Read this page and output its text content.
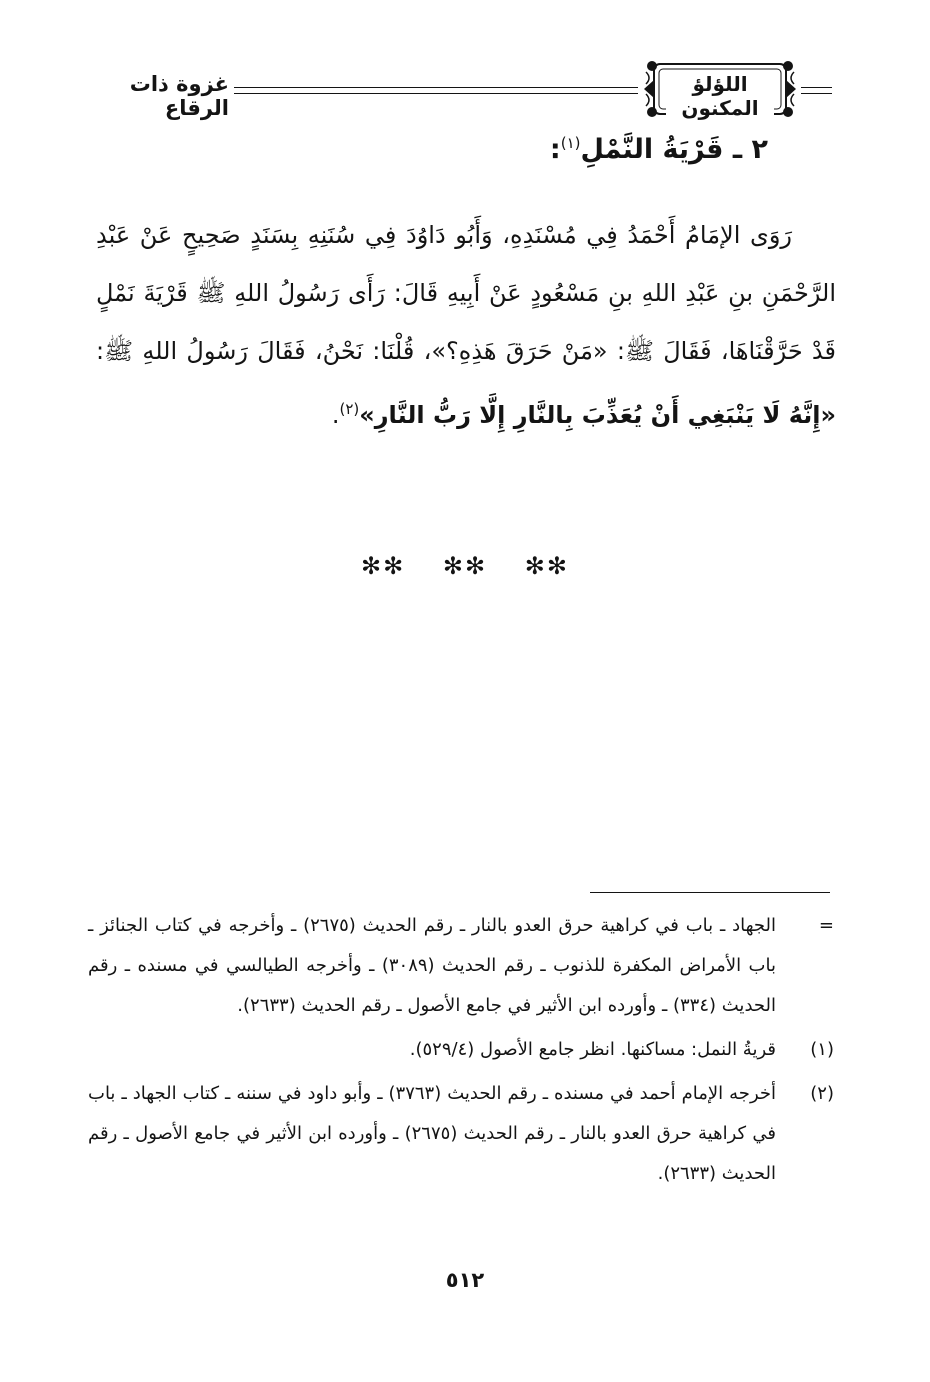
غزوة ذات الرقاع
اللؤلؤ المكنون
٢ ـ قَرْيَةُ النَّمْلِ$^{(١)}$:
رَوَى الإمَامُ أَحْمَدُ فِي مُسْنَدِهِ، وَأَبُو دَاوُدَ فِي سُنَنِهِ بِسَنَدٍ صَحِيحٍ عَنْ عَبْدِ الرَّحْمَنِ بنِ عَبْدِ اللهِ بنِ مَسْعُودٍ عَنْ أَبِيهِ قَالَ: رَأَى رَسُولُ اللهِ ﷺ قَرْيَةَ نَمْلٍ قَدْ حَرَّقْنَاهَا، فَقَالَ ﷺ: «مَنْ حَرَقَ هَذِهِ؟»، قُلْنَا: نَحْنُ، فَقَالَ رَسُولُ اللهِ ﷺ: «إِنَّهُ لَا يَنْبَغِي أَنْ يُعَذِّبَ بِالنَّارِ إِلَّا رَبُّ النَّارِ»$^{(٢)}$.
✻✻ ✻✻ ✻✻
=
الجهاد ـ باب في كراهية حرق العدو بالنار ـ رقم الحديث (٢٦٧٥) ـ وأخرجه في كتاب الجنائز ـ باب الأمراض المكفرة للذنوب ـ رقم الحديث (٣٠٨٩) ـ وأخرجه الطيالسي في مسنده ـ رقم الحديث (٣٣٤) ـ وأورده ابن الأثير في جامع الأصول ـ رقم الحديث (٢٦٣٣).
(١)
قريةُ النمل: مساكنها. انظر جامع الأصول (٥٢٩/٤).
(٢)
أخرجه الإمام أحمد في مسنده ـ رقم الحديث (٣٧٦٣) ـ وأبو داود في سننه ـ كتاب الجهاد ـ باب في كراهية حرق العدو بالنار ـ رقم الحديث (٢٦٧٥) ـ وأورده ابن الأثير في جامع الأصول ـ رقم الحديث (٢٦٣٣).
٥١٢
